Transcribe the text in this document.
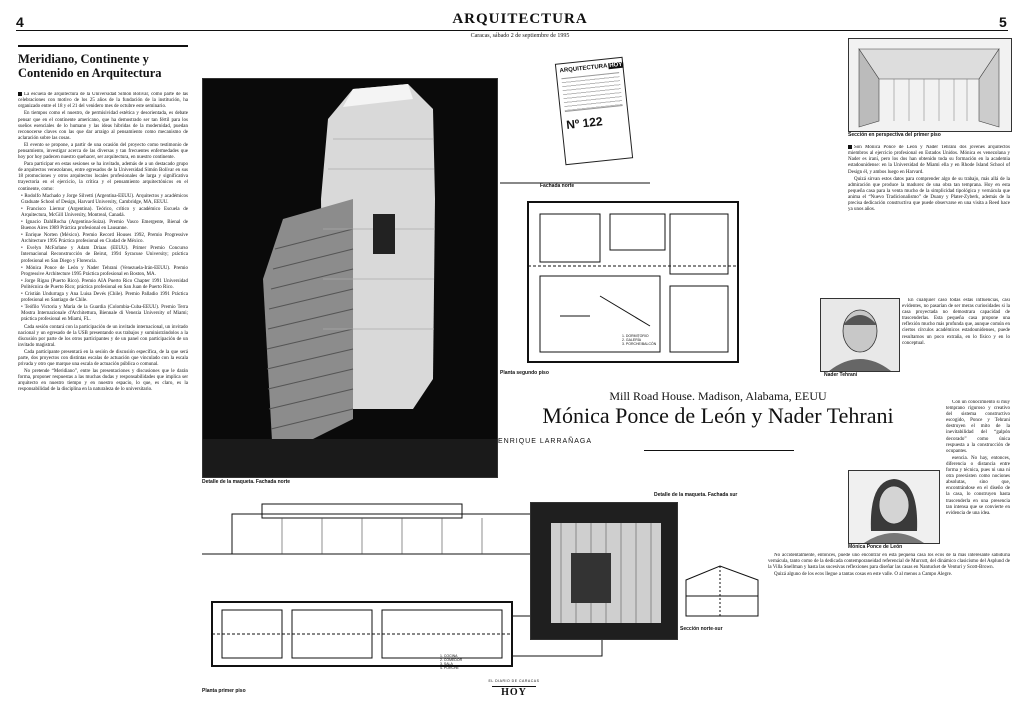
4	5
ARQUITECTURA
Caracas, sábado 2 de septiembre de 1995
Meridiano, Continente y Contenido en Arquitectura

La escuela de arquitectura de la Universidad Simón Bolívar, como parte de las celebraciones con motivo de los 25 años de la fundación de la institución, ha organizado entre el 18 y el 21 del venidero mes de octubre este seminario.

En tiempos como el nuestro, de permisividad estética y desorientada, es debate pensar que en el continente americano, que ha demostrado ser tan fértil para los sueños esenciales de lo humano y las ideas hibridas de la modernidad, puedan reconocerse claves con las que dar arraigo al pensamiento como mecanismo de aclaración sobre las cosas.

El evento se propone, a partir de una ocasión del proyecto como testimonio de pensamiento, investigar acerca de las diversas y tan frecuentes enfermedades que hoy por hoy padecen nuestro quehacer, ser arquitectura, en nuestro continente.

Para participar en estas sesiones se ha invitado, además de a un destacado grupo de arquitectos venezolanos, entre egresados de la Universidad Simón Bolívar en sus 18 promociones y otros arquitectos locales profesionales de larga y significativa trayectoria en el ejercicio, la crítica y el pensamiento arquitectónicos en el continente, como:

• Rodolfo Machado y Jorge Silvetti (Argentina-EEUU). Arquitectos y académicos Graduate School of Design, Harvard University, Cambridge, MA, EEUU.

• Francisco Liernur (Argentina). Teórico, crítico y académico Escuela de Arquitectura, McGill University, Montreal, Canadá.

• Ignacio DahlRocha (Argentina-Suiza). Premio Vasco Emergente, Bienal de Buenos Aires 1989 Práctica profesional en Lausanne.

• Enrique Norten (México). Premio Record Houses 1992, Premio Progressive Architecture 1995 Práctica profesional en Ciudad de México.

• Evelyn McFarlane y Adam Driaas (EEUU). Primer Premio Concurso Internacional Reconstrucción de Beirut, 1994 Syracuse University; práctica profesional en San Diego y Florencia.

• Mónica Ponce de León y Nader Tehrani (Venezuela-Irán-EEUU). Premio Progressive Architecture 1995 Práctica profesional en Boston, MA.

• Jorge Rigau (Puerto Rico). Premio AIA Puerto Rico Chapter 1991 Universidad Politécnica de Puerto Rico; práctica profesional en San Juan de Puerto Rico.

• Cristián Undurraga y Ana Luisa Devés (Chile). Premio Palladio 1991 Práctica profesional en Santiago de Chile.

• Teófilo Victoria y María de la Guardia (Colombia-Cuba-EEUU). Premio Terra Mostra Internazionale d'Architettura, Biennale di Venezia University of Miami; práctica profesional en Miami, FL.

Cada sesión contará con la participación de un invitado internacional, un invitado nacional y un egresado de la USB presentando sus trabajos y suministrándolos a la discusión por parte de los otros participantes y de un panel con participación de un invitado magistral.

Cada participante presentará en la sesión de discusión específica, de la que será parte, dos proyectos con distintas escalas de actuación que vinculado con la escala privada y otro que marque una escala de actuación pública o comunal.

No pretende “Meridiano”, entre las presentaciones y discusiones que le darán forma, proponer respuestas a las muchas dudas y responsabilidades que implica ser arquitecto en nuestro tiempo y en nuestro espacio, lo que, es claro, es la responsabilidad de la disciplina en la naturaleza de lo universitario.

ARQUITECTURAHOY
Nº 122
Fachada norte
1. DORMITORIO
2. GALERÍA
3. PORCHE/BALCÓN
Planta segundo piso
Sección en perspectiva del primer piso

Son Mónica Ponce de León y Nader Tehrani dos jóvenes arquitectos miembros al ejercicio profesional en Estados Unidos. Mónica es venezolana y Nader es iraní, pero los dos han obtenido toda su formación en la academia estadounidense: en la Universidad de Miami ella y en Rhode Island School of Design él, y ambos luego en Harvard.

Quizá sirvan estos datos para comprender algo de su trabajo, más allá de la admiración que produce la madurez de una obra tan temprana. Hoy en esta pequeña casa para la venta mucho de la simplicidad tipológica y vernácula que anima el “Nuevo Tradicionalismo” de Duany y Plater-Zyberk, además de la precisa dedicación constructiva que puede observarse en una visita a Reed hace ya unos años.

Nader Tehrani

En cualquier caso todas estas influencias, casi evidentes, no pasarían de ser meras curiosidades si la casa proyectada no demostrara capacidad de trascenderlas. Esta pequeña casa propone una reflexión mucho más profunda que, aunque común en ciertos círculos académicos estadounidenses, puede resultarnos un poco extraña, en lo físico y en lo conceptual.

Mill Road House. Madison, Alabama, EEUU
Mónica Ponce de León y Nader Tehrani
ENRIQUE LARRAÑAGA

Con un conocimiento si muy temprano riguroso y creativo del sistema constructivo escogido, Ponce y Tehrani destruyen el mito de la inevitabilidad del “galpón decorado” como única respuesta a la construcción de ocupantes.

esencia. No hay, entonces, diferencia o distancia entre forma y técnica, pues ni una ni otra preexisten como nociones absolutas, sino que, encontrándose en el diseño de la casa, lo construyen hasta trascenderla en una presencia tan intensa que se convierte en evidencia de una idea.

Mónica Ponce de León

No accidentalmente, entonces, puede uno encontrar en esta pequeña casa los ecos de la más interesante sabiduría vernácula, tanto como de la dedicada contemporaneidad referencial de Murcutt, del dinámico clasicismo del Asplund de la Villa Snellman y hasta las sucesivas reflexiones para diseñar las casas en Nantucket de Venturi y Scott-Brown.

Quizá alguno de los ecos llegue a tantas cosas en este valle. O al menos a Campo Alegre.

Detalle de la maqueta. Fachada norte
1. COCINA
2. COMEDOR
3. SALA
4. PORCHE
Planta primer piso
Detalle de la maqueta. Fachada sur
Sección norte-sur
EL DIARIO DE CARACAS
HOY
